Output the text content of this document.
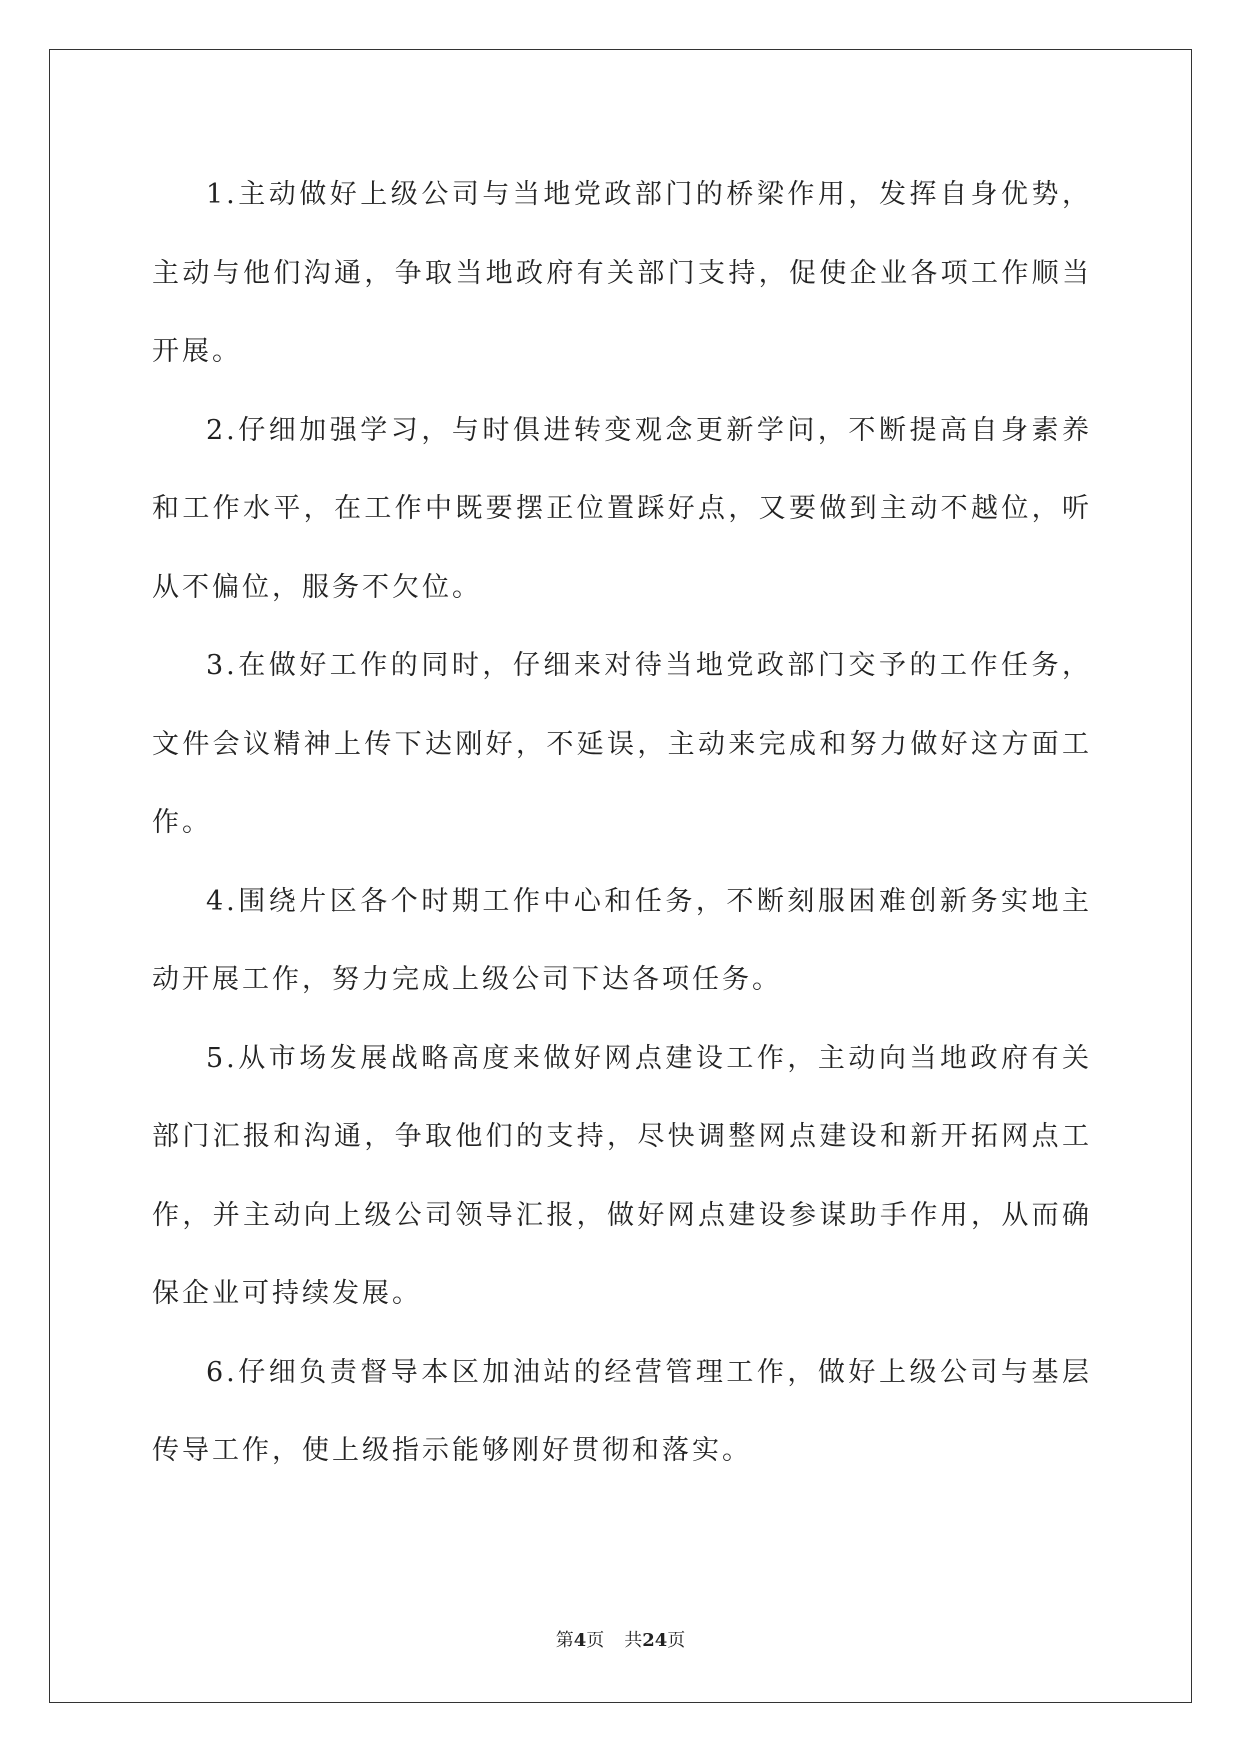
1.主动做好上级公司与当地党政部门的桥梁作用，发挥自身优势，主动与他们沟通，争取当地政府有关部门支持，促使企业各项工作顺当开展。

2.仔细加强学习，与时俱进转变观念更新学问，不断提高自身素养和工作水平，在工作中既要摆正位置踩好点，又要做到主动不越位，听从不偏位，服务不欠位。

3.在做好工作的同时，仔细来对待当地党政部门交予的工作任务，文件会议精神上传下达刚好，不延误，主动来完成和努力做好这方面工作。

4.围绕片区各个时期工作中心和任务，不断刻服困难创新务实地主动开展工作，努力完成上级公司下达各项任务。

5.从市场发展战略高度来做好网点建设工作，主动向当地政府有关部门汇报和沟通，争取他们的支持，尽快调整网点建设和新开拓网点工作，并主动向上级公司领导汇报，做好网点建设参谋助手作用，从而确保企业可持续发展。

6.仔细负责督导本区加油站的经营管理工作，做好上级公司与基层传导工作，使上级指示能够刚好贯彻和落实。

第4页 共24页
